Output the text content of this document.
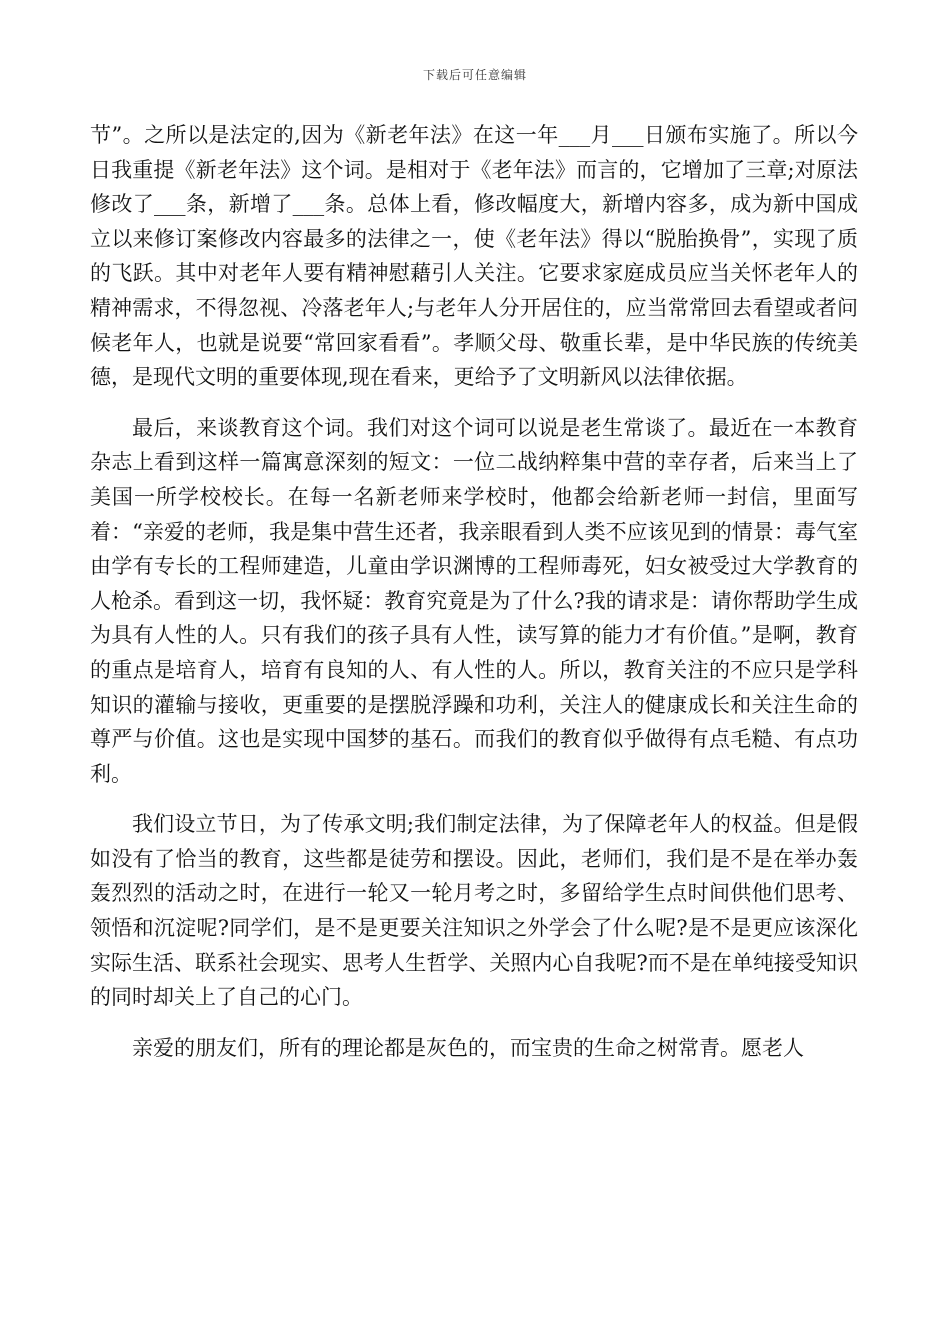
下载后可任意编辑

节”。之所以是法定的,因为《新老年法》在这一年___月___日颁布实施了。所以今日我重提《新老年法》这个词。是相对于《老年法》而言的，它增加了三章;对原法修改了___条，新增了___条。总体上看，修改幅度大，新增内容多，成为新中国成立以来修订案修改内容最多的法律之一，使《老年法》得以“脱胎换骨”，实现了质的飞跃。其中对老年人要有精神慰藉引人关注。它要求家庭成员应当关怀老年人的精神需求，不得忽视、冷落老年人;与老年人分开居住的，应当常常回去看望或者问候老年人，也就是说要“常回家看看”。孝顺父母、敬重长辈，是中华民族的传统美德，是现代文明的重要体现,现在看来，更给予了文明新风以法律依据。

最后，来谈教育这个词。我们对这个词可以说是老生常谈了。最近在一本教育杂志上看到这样一篇寓意深刻的短文：一位二战纳粹集中营的幸存者，后来当上了美国一所学校校长。在每一名新老师来学校时，他都会给新老师一封信，里面写着：“亲爱的老师，我是集中营生还者，我亲眼看到人类不应该见到的情景：毒气室由学有专长的工程师建造，儿童由学识渊博的工程师毒死，妇女被受过大学教育的人枪杀。看到这一切，我怀疑：教育究竟是为了什么?我的请求是：请你帮助学生成为具有人性的人。只有我们的孩子具有人性，读写算的能力才有价值。”是啊，教育的重点是培育人，培育有良知的人、有人性的人。所以，教育关注的不应只是学科知识的灌输与接收，更重要的是摆脱浮躁和功利，关注人的健康成长和关注生命的尊严与价值。这也是实现中国梦的基石。而我们的教育似乎做得有点毛糙、有点功利。

我们设立节日，为了传承文明;我们制定法律，为了保障老年人的权益。但是假如没有了恰当的教育，这些都是徒劳和摆设。因此，老师们，我们是不是在举办轰轰烈烈的活动之时，在进行一轮又一轮月考之时，多留给学生点时间供他们思考、领悟和沉淀呢?同学们，是不是更要关注知识之外学会了什么呢?是不是更应该深化实际生活、联系社会现实、思考人生哲学、关照内心自我呢?而不是在单纯接受知识的同时却关上了自己的心门。

亲爱的朋友们，所有的理论都是灰色的，而宝贵的生命之树常青。愿老人
